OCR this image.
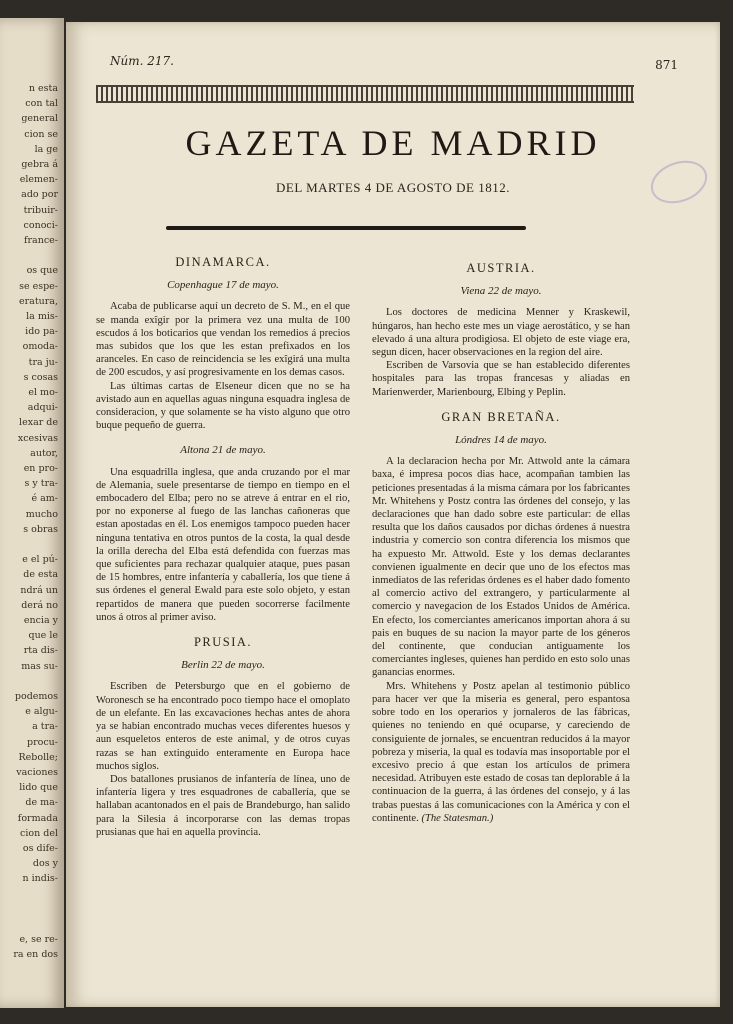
n esta
con tal
general
cion se
la ge
gebra á
elemen-
ado por
tribuir-
conoci-
france-
os que
se espe-
eratura,
la mis-
ido pa-
omoda-
tra ju-
s cosas
el mo-
adqui-
lexar de
xcesivas
autor,
en pro-
s y tra-
é am-
mucho
s obras
e el pú-
de esta
ndrá un
derá no
encia y
que le
rta dis-
mas su-
podemos
e algu-
a tra-
procu-
Rebolle;
vaciones
lido que
de ma-
formada
cion del
os dife-
dos y
n indis-
e, se re-
ra en dos
Núm. 217.	871
GAZETA DE MADRID
DEL MARTES 4 DE AGOSTO DE 1812.
DINAMARCA.
Copenhague 17 de mayo.

Acaba de publicarse aquí un decreto de S. M., en el que se manda exîgir por la primera vez una multa de 100 escudos á los boticarios que vendan los remedios á precios mas subidos que los que les estan prefixados en los aranceles. En caso de reincidencia se les exîgirá una multa de 200 escudos, y así progresivamente en los demas casos.

Las últimas cartas de Elseneur dicen que no se ha avistado aun en aquellas aguas ninguna esquadra inglesa de consideracion, y que solamente se ha visto alguno que otro buque pequeño de guerra.

Altona 21 de mayo.

Una esquadrilla inglesa, que anda cruzando por el mar de Alemania, suele presentarse de tiempo en tiempo en el embocadero del Elba; pero no se atreve á entrar en el rio, por no exponerse al fuego de las lanchas cañoneras que estan apostadas en él. Los enemigos tampoco pueden hacer ninguna tentativa en otros puntos de la costa, la qual desde la orilla derecha del Elba está defendida con fuerzas mas que suficientes para rechazar qualquier ataque, pues pasan de 15 hombres, entre infantería y caballería, los que tiene á sus órdenes el general Ewald para este solo objeto, y estan repartidos de manera que pueden socorrerse facilmente unos á otros al primer aviso.

PRUSIA.
Berlin 22 de mayo.

Escriben de Petersburgo que en el gobierno de Woronesch se ha encontrado poco tiempo hace el omoplato de un elefante. En las excavaciones hechas antes de ahora ya se habian encontrado muchas veces diferentes huesos y aun esqueletos enteros de este animal, y de otros cuyas razas se han extinguido enteramente en Europa hace muchos siglos.

Dos batallones prusianos de infantería de línea, uno de infantería ligera y tres esquadrones de caballería, que se hallaban acantonados en el pais de Brandeburgo, han salido para la Silesia á incorporarse con las demas tropas prusianas que hai en aquella provincia.

AUSTRIA.
Viena 22 de mayo.

Los doctores de medicina Menner y Kraskewil, húngaros, han hecho este mes un viage aerostático, y se han elevado á una altura prodigiosa. El objeto de este viage era, segun dicen, hacer observaciones en la region del aire.

Escriben de Varsovia que se han establecido diferentes hospitales para las tropas francesas y aliadas en Marienwerder, Marienbourg, Elbing y Peplin.

GRAN BRETAÑA.
Lóndres 14 de mayo.

A la declaracion hecha por Mr. Attwold ante la cámara baxa, é impresa pocos dias hace, acompañan tambien las peticiones presentadas á la misma cámara por los fabricantes Mr. Whitehens y Postz contra las órdenes del consejo, y las declaraciones que han dado sobre este particular: de ellas resulta que los daños causados por dichas órdenes á nuestra industria y comercio son contra diferencia los mismos que ha expuesto Mr. Attwold. Este y los demas declarantes convienen igualmente en decir que uno de los efectos mas inmediatos de las referidas órdenes es el haber dado fomento al comercio activo del extrangero, y particularmente al comercio y navegacion de los Estados Unidos de América. En efecto, los comerciantes americanos importan ahora á su pais en buques de su nacion la mayor parte de los géneros del continente, que conducian antiguamente los comerciantes ingleses, quienes han perdido en esto solo unas ganancias enormes.

Mrs. Whitehens y Postz apelan al testimonio público para hacer ver que la miseria es general, pero espantosa sobre todo en los operarios y jornaleros de las fábricas, quienes no teniendo en qué ocuparse, y careciendo de consiguiente de jornales, se encuentran reducidos á la mayor pobreza y miseria, la qual es todavía mas insoportable por el excesivo precio á que estan los artículos de primera necesidad. Atribuyen este estado de cosas tan deplorable á la continuacion de la guerra, á las órdenes del consejo, y á las trabas puestas á las comunicaciones con la América y con el continente. (The Statesman.)
